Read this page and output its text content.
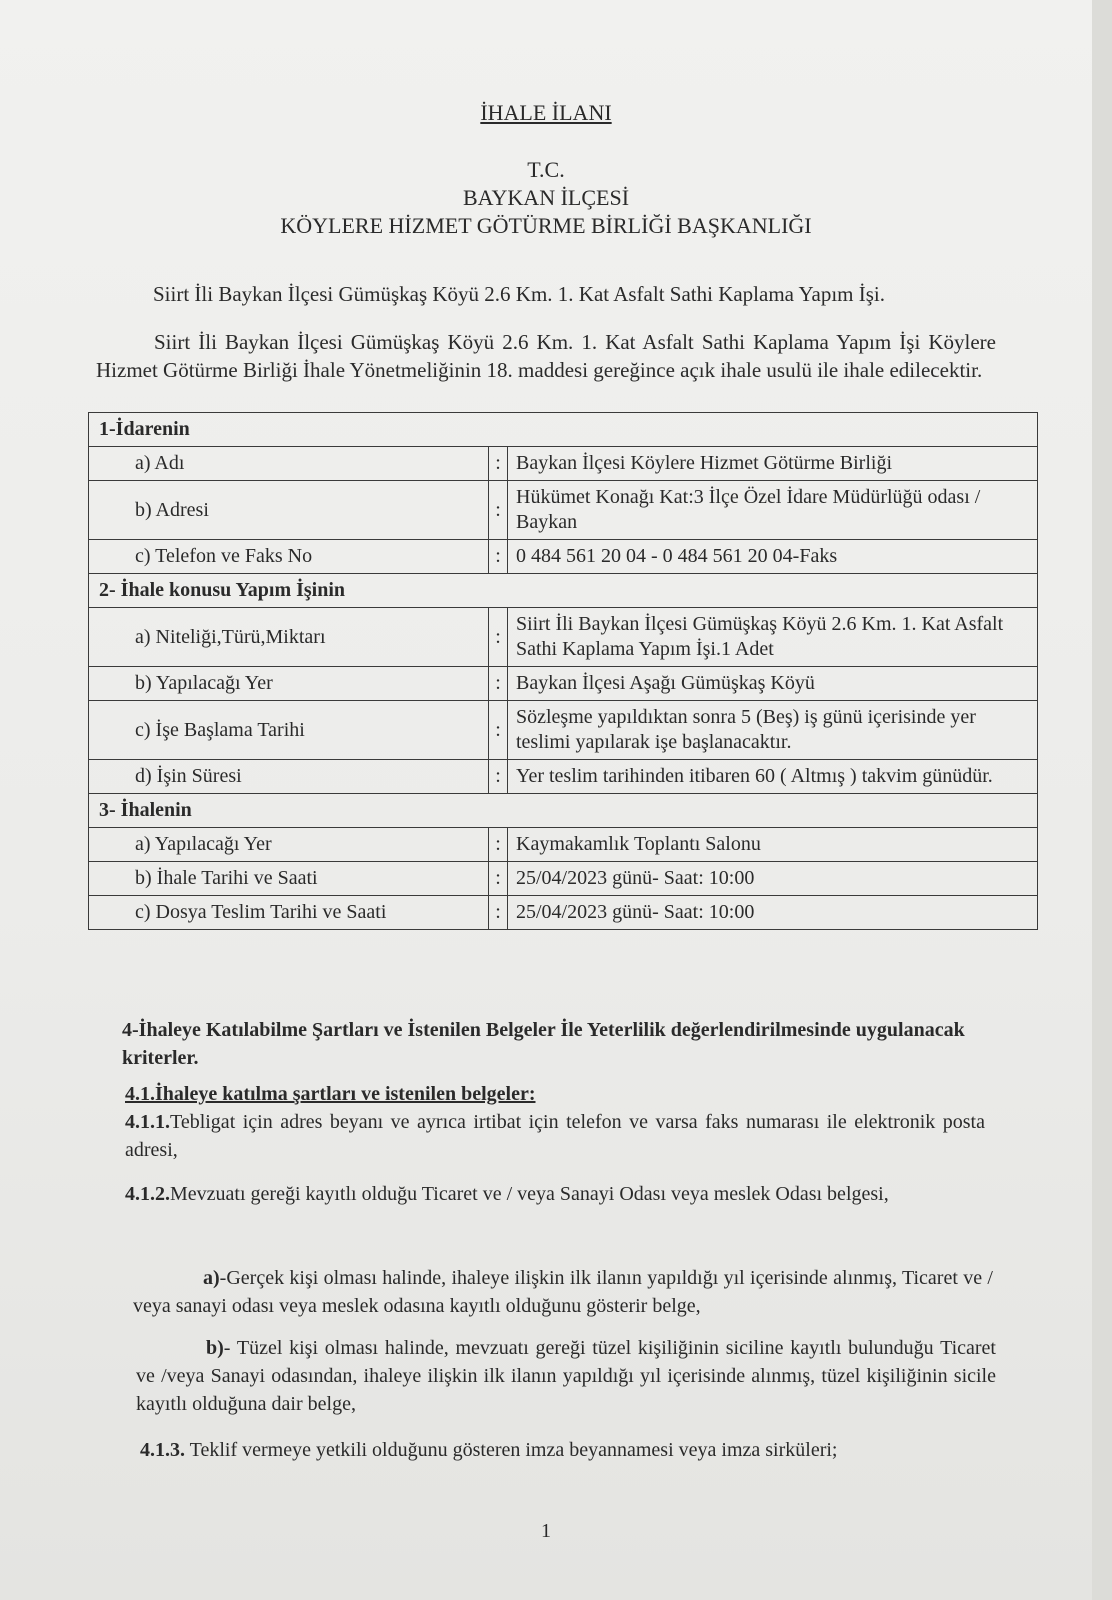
İHALE İLANI
T.C.
BAYKAN İLÇESİ
KÖYLERE HİZMET GÖTÜRME BİRLİĞİ BAŞKANLIĞI
Siirt İli Baykan İlçesi Gümüşkaş Köyü 2.6 Km. 1. Kat Asfalt Sathi Kaplama Yapım İşi.
Siirt İli Baykan İlçesi Gümüşkaş Köyü 2.6 Km. 1. Kat Asfalt Sathi Kaplama Yapım İşi Köylere Hizmet Götürme Birliği İhale Yönetmeliğinin 18. maddesi gereğince açık ihale usulü ile ihale edilecektir.
1-İdarenin		
a) Adı	:	Baykan İlçesi Köylere Hizmet Götürme Birliği
b) Adresi	:	Hükümet Konağı Kat:3 İlçe Özel İdare Müdürlüğü odası / Baykan
c) Telefon ve Faks No	:	0 484 561 20 04 - 0 484 561 20 04-Faks
2- İhale konusu Yapım İşinin		
a) Niteliği,Türü,Miktarı	:	Siirt İli Baykan İlçesi Gümüşkaş Köyü 2.6 Km. 1. Kat Asfalt Sathi Kaplama Yapım İşi.1 Adet
b) Yapılacağı Yer	:	Baykan İlçesi Aşağı Gümüşkaş Köyü
c) İşe Başlama Tarihi	:	Sözleşme yapıldıktan sonra 5 (Beş) iş günü içerisinde yer teslimi yapılarak işe başlanacaktır.
d) İşin Süresi	:	Yer teslim tarihinden itibaren 60 ( Altmış ) takvim günüdür.
3- İhalenin		
a) Yapılacağı Yer	:	Kaymakamlık Toplantı Salonu
b) İhale Tarihi ve Saati	:	25/04/2023 günü- Saat: 10:00
c) Dosya Teslim Tarihi ve Saati	:	25/04/2023 günü- Saat: 10:00
4-İhaleye Katılabilme Şartları ve İstenilen Belgeler İle Yeterlilik değerlendirilmesinde uygulanacak kriterler.
4.1.İhaleye katılma şartları ve istenilen belgeler:
4.1.1.Tebligat için adres beyanı ve ayrıca irtibat için telefon ve varsa faks numarası ile elektronik posta adresi,
4.1.2.Mevzuatı gereği kayıtlı olduğu Ticaret ve / veya Sanayi Odası veya meslek Odası belgesi,
a)-Gerçek kişi olması halinde, ihaleye ilişkin ilk ilanın yapıldığı yıl içerisinde alınmış, Ticaret ve / veya sanayi odası veya meslek odasına kayıtlı olduğunu gösterir belge,
b)- Tüzel kişi olması halinde, mevzuatı gereği tüzel kişiliğinin siciline kayıtlı bulunduğu Ticaret ve /veya Sanayi odasından, ihaleye ilişkin ilk ilanın yapıldığı yıl içerisinde alınmış, tüzel kişiliğinin sicile kayıtlı olduğuna dair belge,
4.1.3. Teklif vermeye yetkili olduğunu gösteren imza beyannamesi veya imza sirküleri;
1
